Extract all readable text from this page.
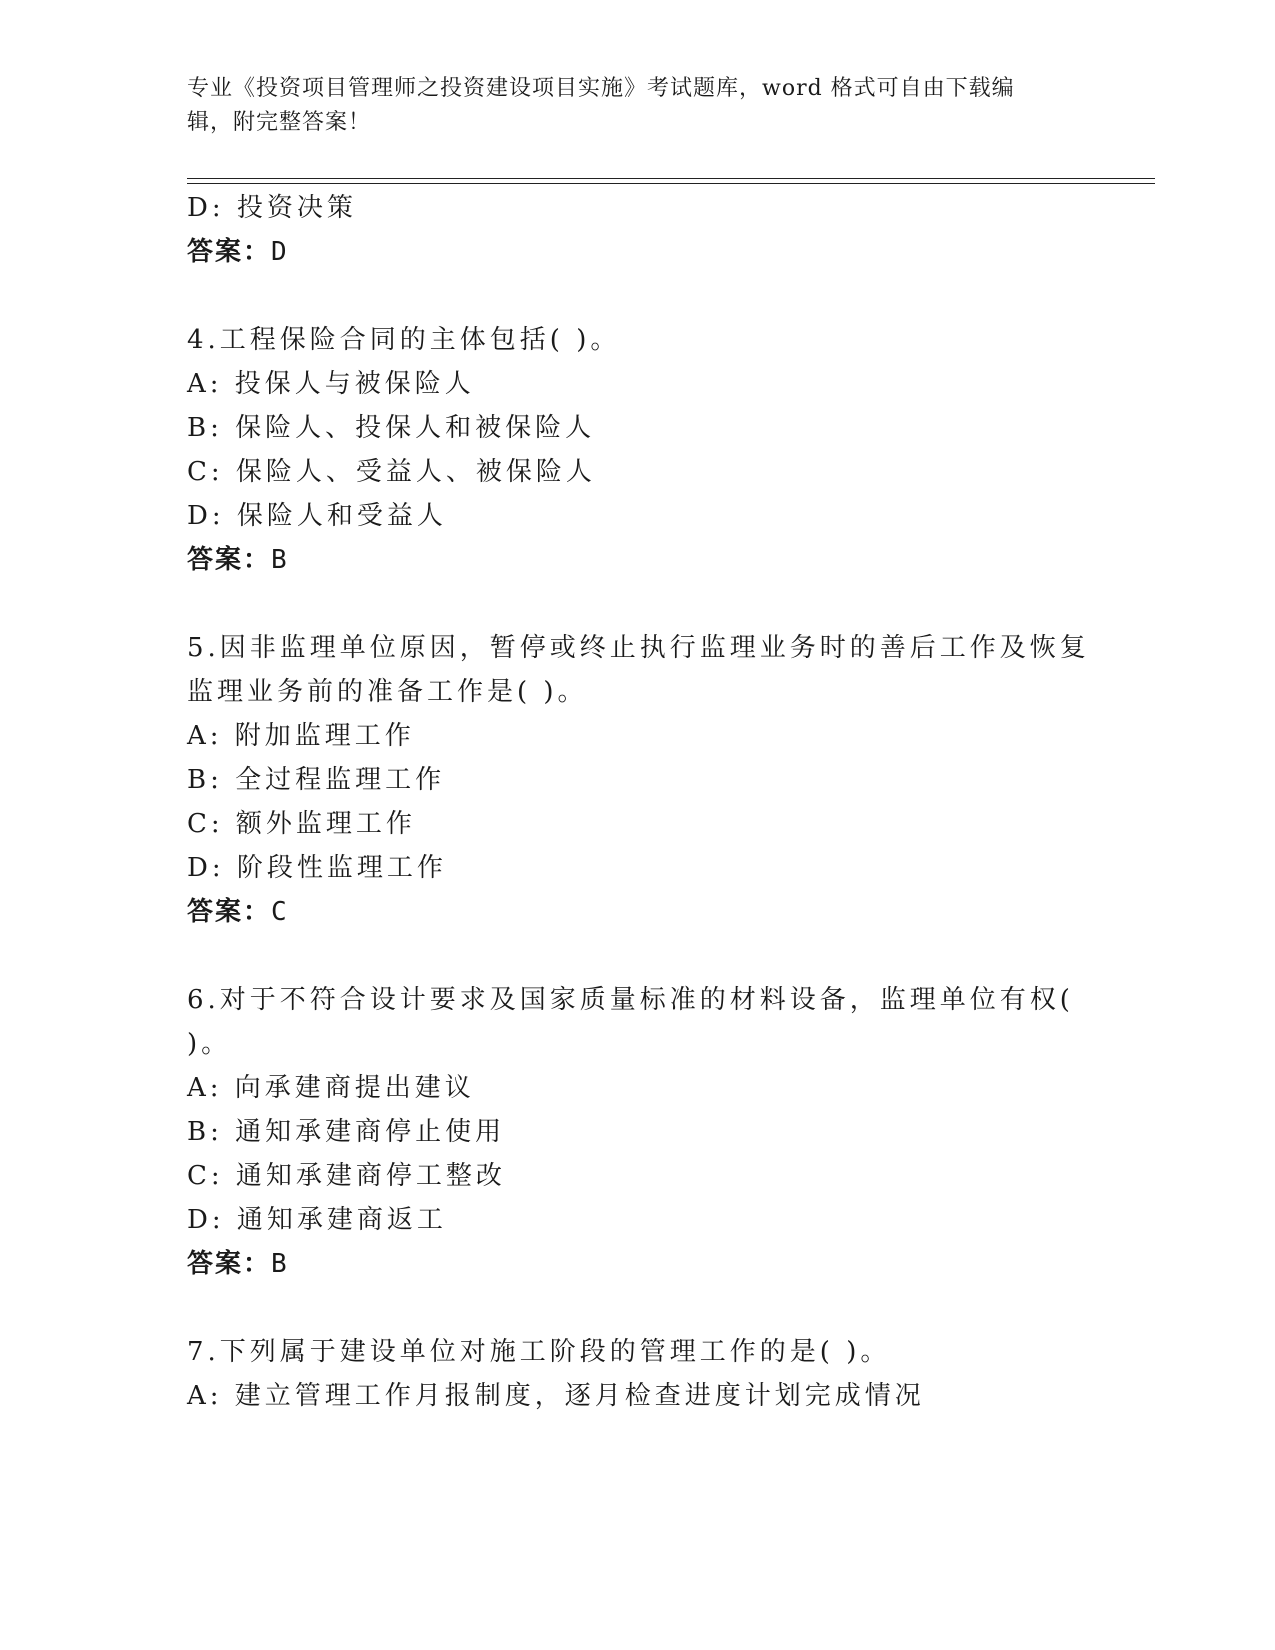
专业《投资项目管理师之投资建设项目实施》考试题库，word 格式可自由下载编
辑，附完整答案！
D: 投资决策
答案：D
4.工程保险合同的主体包括( )。
A: 投保人与被保险人
B: 保险人、投保人和被保险人
C: 保险人、受益人、被保险人
D: 保险人和受益人
答案：B
5.因非监理单位原因，暂停或终止执行监理业务时的善后工作及恢复
监理业务前的准备工作是( )。
A: 附加监理工作
B: 全过程监理工作
C: 额外监理工作
D: 阶段性监理工作
答案：C
6.对于不符合设计要求及国家质量标准的材料设备，监理单位有权(
)。
A: 向承建商提出建议
B: 通知承建商停止使用
C: 通知承建商停工整改
D: 通知承建商返工
答案：B
7.下列属于建设单位对施工阶段的管理工作的是( )。
A: 建立管理工作月报制度，逐月检查进度计划完成情况
